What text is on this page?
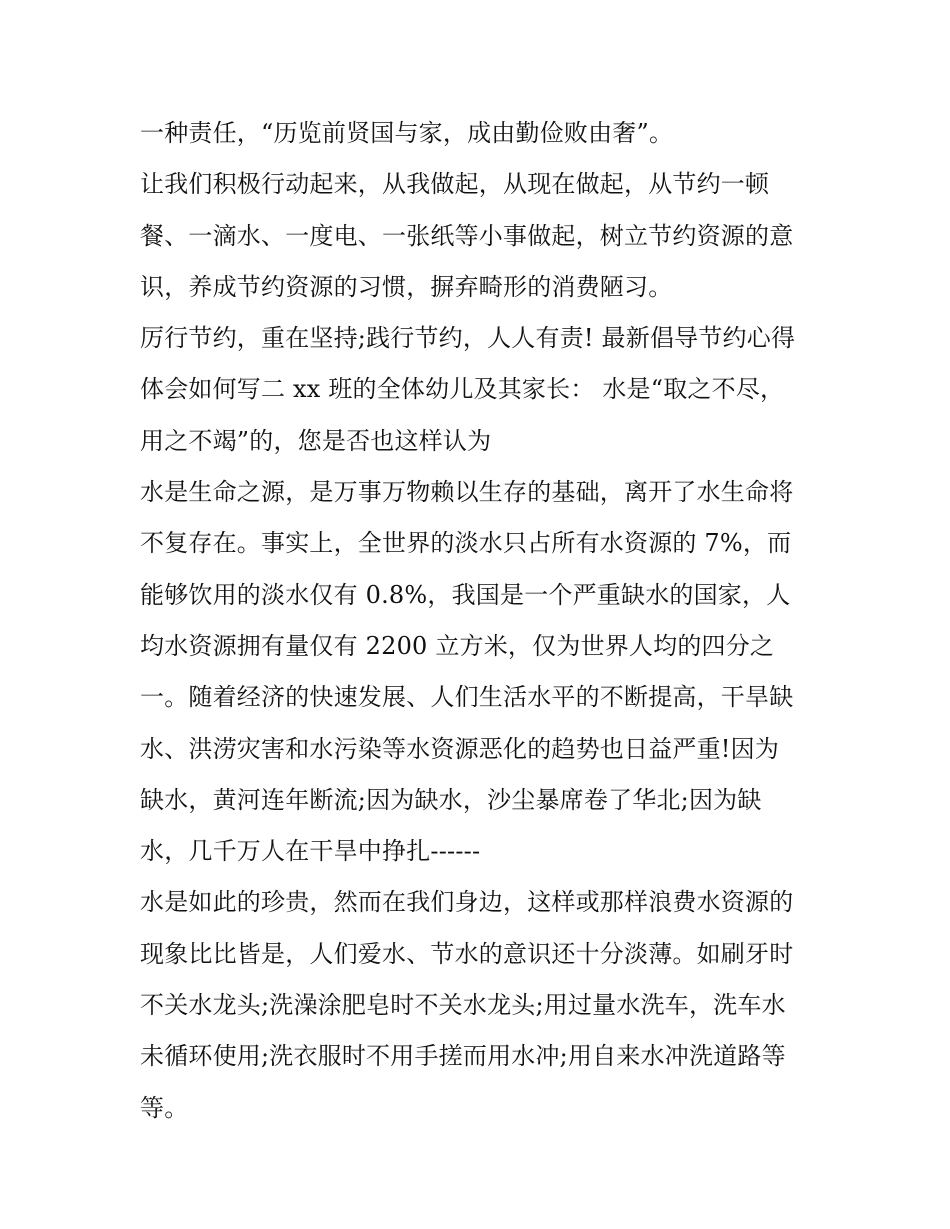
一种责任，“历览前贤国与家，成由勤俭败由奢”。
让我们积极行动起来，从我做起，从现在做起，从节约一顿
餐、一滴水、一度电、一张纸等小事做起，树立节约资源的意
识，养成节约资源的习惯，摒弃畸形的消费陋习。
厉行节约，重在坚持;践行节约，人人有责! 最新倡导节约心得
体会如何写二 xx 班的全体幼儿及其家长： 水是“取之不尽，
用之不竭”的，您是否也这样认为
水是生命之源，是万事万物赖以生存的基础，离开了水生命将
不复存在。事实上，全世界的淡水只占所有水资源的 7%，而
能够饮用的淡水仅有 0.8%，我国是一个严重缺水的国家，人
均水资源拥有量仅有 2200 立方米，仅为世界人均的四分之
一。随着经济的快速发展、人们生活水平的不断提高，干旱缺
水、洪涝灾害和水污染等水资源恶化的趋势也日益严重!因为
缺水，黄河连年断流;因为缺水，沙尘暴席卷了华北;因为缺
水，几千万人在干旱中挣扎------
水是如此的珍贵，然而在我们身边，这样或那样浪费水资源的
现象比比皆是，人们爱水、节水的意识还十分淡薄。如刷牙时
不关水龙头;洗澡涂肥皂时不关水龙头;用过量水洗车，洗车水
未循环使用;洗衣服时不用手搓而用水冲;用自来水冲洗道路等
等。
